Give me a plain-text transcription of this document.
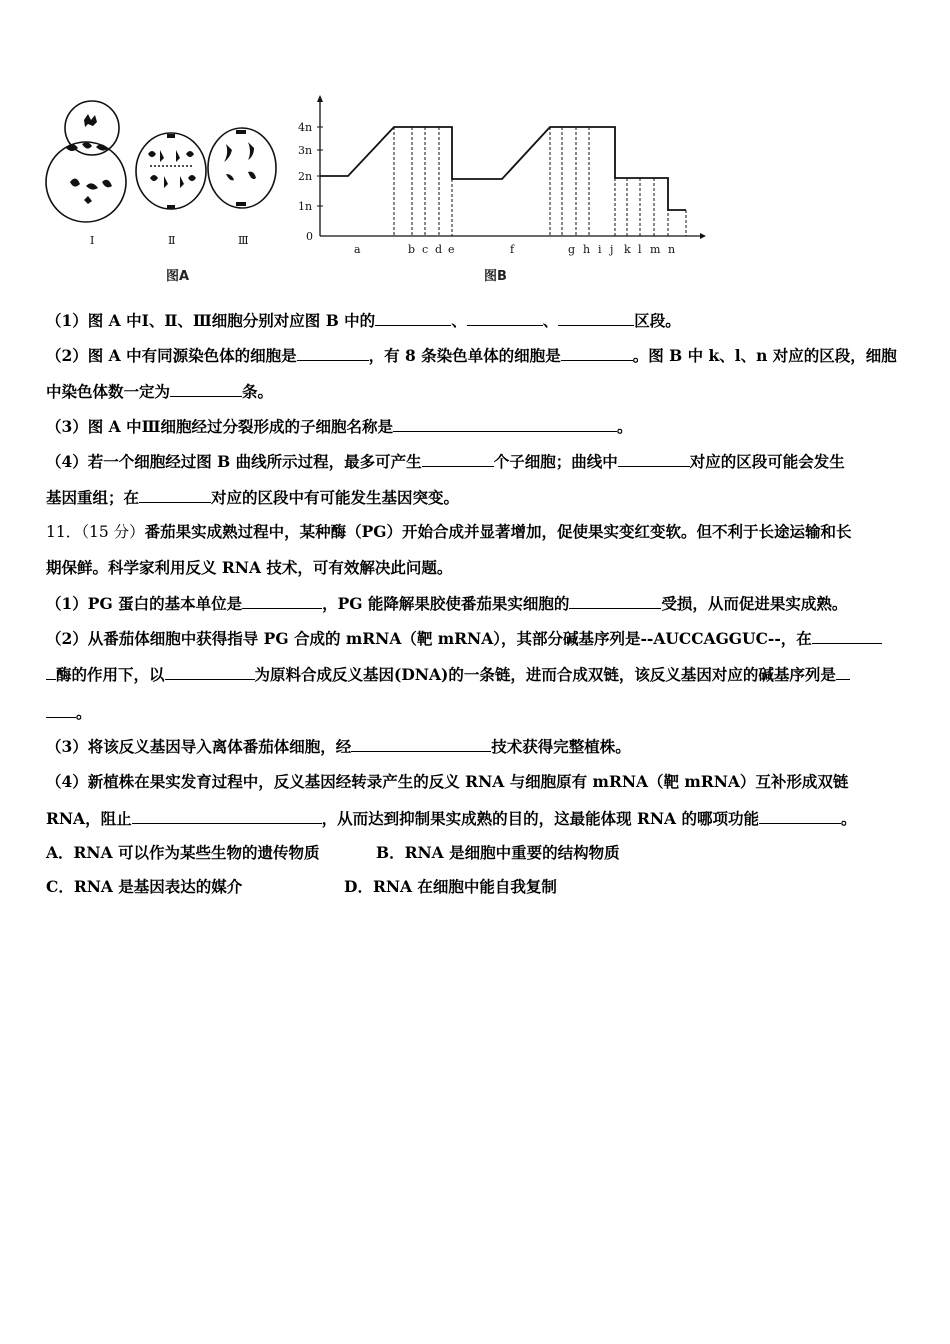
Ⅰ	Ⅱ	Ⅲ
图A
4n
3n
2n
1n
0
a	b c d e	f	g h i j k l m n
图B
（1）图 A 中Ⅰ、Ⅱ、Ⅲ细胞分别对应图 B 中的	、	、	区段。
（2）图 A 中有同源染色体的细胞是	，有 8 条染色单体的细胞是	。图 B 中 k、l、n 对应的区段，细胞
中染色体数一定为	条。
（3）图 A 中Ⅲ细胞经过分裂形成的子细胞名称是	。
（4）若一个细胞经过图 B 曲线所示过程，最多可产生	个子细胞；曲线中	对应的区段可能会发生
基因重组；在	对应的区段中有可能发生基因突变。
11．（15 分）番茄果实成熟过程中，某种酶（PG）开始合成并显著增加，促使果实变红变软。但不利于长途运输和长
期保鲜。科学家利用反义 RNA 技术，可有效解决此问题。
（1）PG 蛋白的基本单位是	，PG 能降解果胶使番茄果实细胞的	受损，从而促进果实成熟。
（2）从番茄体细胞中获得指导 PG 合成的 mRNA（靶 mRNA），其部分碱基序列是--AUCCAGGUC--，在
酶的作用下，以	为原料合成反义基因(DNA)的一条链，进而合成双链，该反义基因对应的碱基序列是
。
（3）将该反义基因导入离体番茄体细胞，经	技术获得完整植株。
（4）新植株在果实发育过程中，反义基因经转录产生的反义 RNA 与细胞原有 mRNA（靶 mRNA）互补形成双链
RNA，阻止	，从而达到抑制果实成熟的目的，这最能体现 RNA 的哪项功能	。
A．RNA 可以作为某些生物的遗传物质	B．RNA 是细胞中重要的结构物质
C．RNA 是基因表达的媒介	D．RNA 在细胞中能自我复制
